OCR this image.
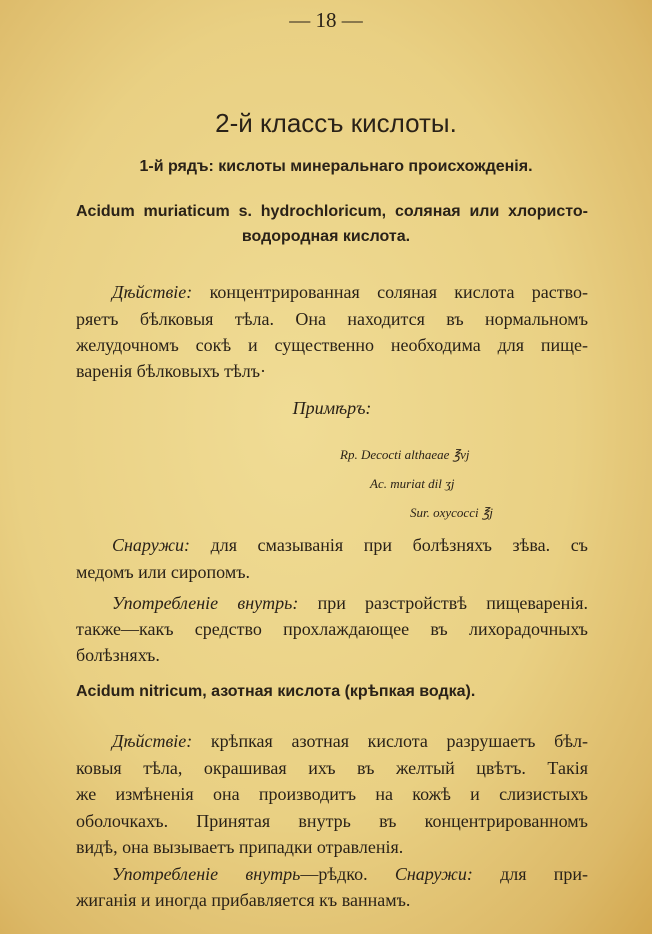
— 18 —
2-й классъ кислоты.
1-й рядъ: кислоты минеральнаго происхожденія.
Acidum muriaticum s. hydrochloricum, соляная или хлористо-
водородная кислота.
Дѣйствіе: концентрированная соляная кислота раство-
ряетъ бѣлковыя тѣла. Она находится въ нормальномъ
желудочномъ сокѣ и существенно необходима для пище-
варенія бѣлковыхъ тѣлъ·
Примѣръ:
Rp. Decocti althaeae ℥vj
Ac. muriat dil ʒj
Sur. oxycocci ℥j
Снаружи: для смазыванія при болѣзняхъ зѣва. съ
медомъ или сиропомъ.
Употребленіе внутрь: при разстройствѣ пищеваренія.
также—какъ средство прохлаждающее въ лихорадочныхъ
болѣзняхъ.
Acidum nitricum, азотная кислота (крѣпкая водка).
Дѣйствіе: крѣпкая азотная кислота разрушаетъ бѣл-
ковыя тѣла, окрашивая ихъ въ желтый цвѣтъ. Такія
же измѣненія она производитъ на кожѣ и слизистыхъ
оболочкахъ. Принятая внутрь въ концентрированномъ
видѣ, она вызываетъ припадки отравленія.
Употребленіе внутрь—рѣдко. Снаружи: для при-
жиганія и иногда прибавляется къ ваннамъ.
